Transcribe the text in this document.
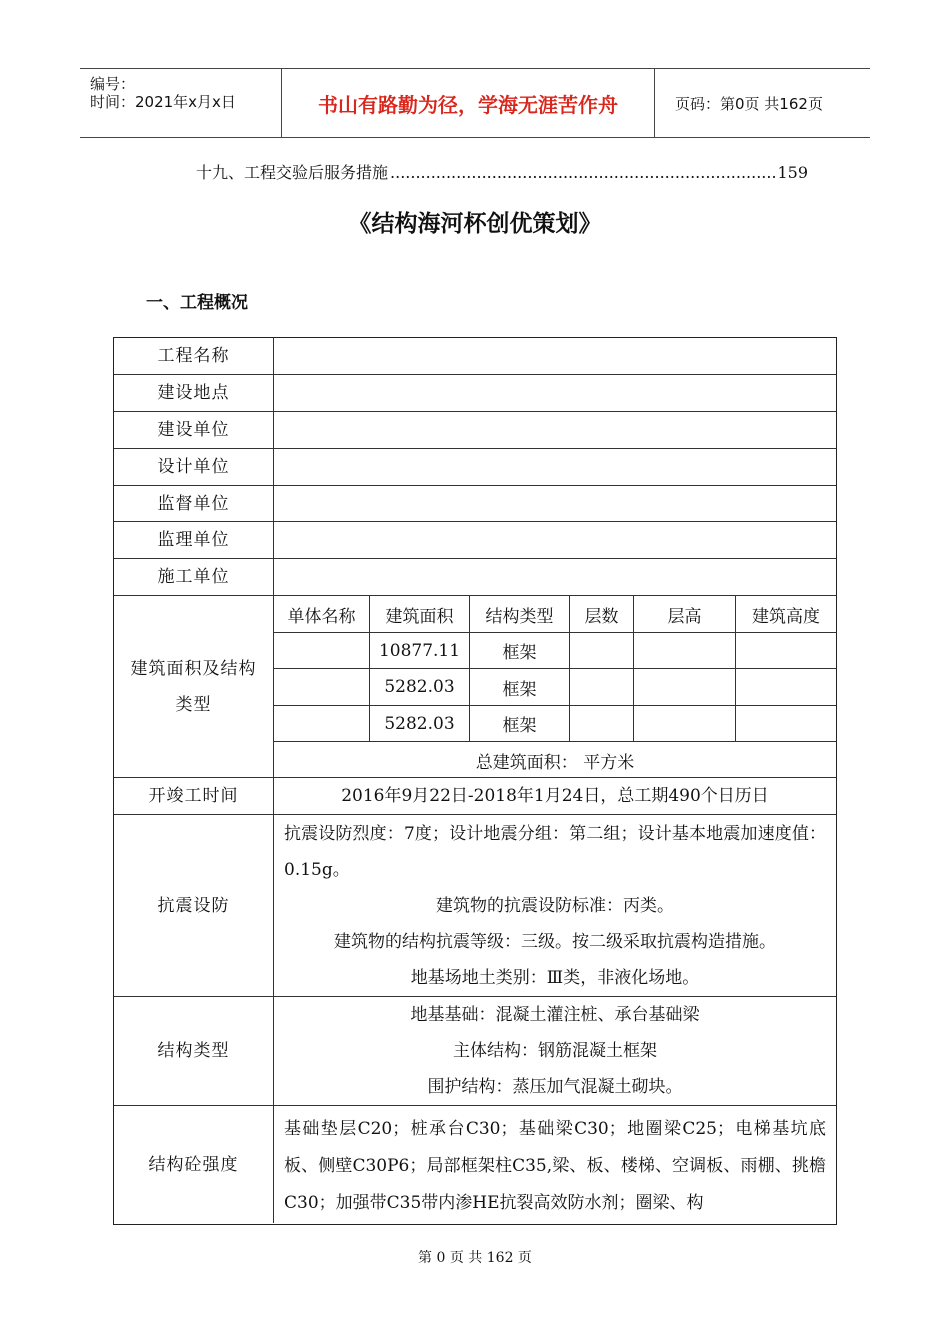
编号：
时间：2021年x月x日	书山有路勤为径，学海无涯苦作舟	页码：第0页 共162页
十九、工程交验后服务措施
.....	159
《结构海河杯创优策划》
一、工程概况
工程名称
建设地点
建设单位
设计单位
监督单位
监理单位
施工单位
建筑面积及结构类型
单体名称	建筑面积	结构类型	层数	层高	建筑高度
10877.11	框架
5282.03	框架
5282.03	框架
总建筑面积： 平方米
开竣工时间	2016年9月22日-2018年1月24日，总工期490个日历日
抗震设防
抗震设防烈度：7度；设计地震分组：第二组；设计基本地震加速度值：0.15g。
建筑物的抗震设防标准：丙类。
建筑物的结构抗震等级：三级。按二级采取抗震构造措施。
地基场地土类别：Ⅲ类，非液化场地。
结构类型
地基基础：混凝土灌注桩、承台基础梁
主体结构：钢筋混凝土框架
围护结构：蒸压加气混凝土砌块。
结构砼强度
基础垫层C20；桩承台C30；基础梁C30；地圈梁C25；电梯基坑底板、侧壁C30P6；局部框架柱C35,梁、板、楼梯、空调板、雨棚、挑檐C30；加强带C35带内渗HE抗裂高效防水剂；圈梁、构
第 0 页 共 162 页
